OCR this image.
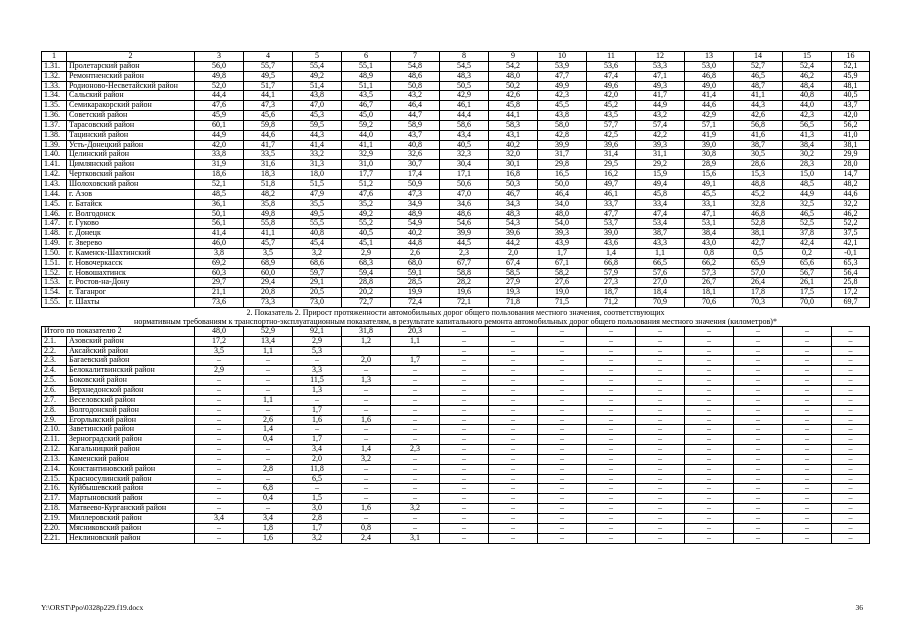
1	2	3	4	5	6	7	8	9	10	11	12	13	14	15	16
1.31.	Пролетарский район	56,0	55,7	55,4	55,1	54,8	54,5	54,2	53,9	53,6	53,3	53,0	52,7	52,4	52,1
1.32.	Ремонтненский район	49,8	49,5	49,2	48,9	48,6	48,3	48,0	47,7	47,4	47,1	46,8	46,5	46,2	45,9
1.33.	Родионово-Несветайский район	52,0	51,7	51,4	51,1	50,8	50,5	50,2	49,9	49,6	49,3	49,0	48,7	48,4	48,1
1.34.	Сальский район	44,4	44,1	43,8	43,5	43,2	42,9	42,6	42,3	42,0	41,7	41,4	41,1	40,8	40,5
1.35.	Семикаракорский район	47,6	47,3	47,0	46,7	46,4	46,1	45,8	45,5	45,2	44,9	44,6	44,3	44,0	43,7
1.36.	Советский район	45,9	45,6	45,3	45,0	44,7	44,4	44,1	43,8	43,5	43,2	42,9	42,6	42,3	42,0
1.37.	Тарасовский район	60,1	59,8	59,5	59,2	58,9	58,6	58,3	58,0	57,7	57,4	57,1	56,8	56,5	56,2
1.38.	Тацинский район	44,9	44,6	44,3	44,0	43,7	43,4	43,1	42,8	42,5	42,2	41,9	41,6	41,3	41,0
1.39.	Усть-Донецкий район	42,0	41,7	41,4	41,1	40,8	40,5	40,2	39,9	39,6	39,3	39,0	38,7	38,4	38,1
1.40.	Целинский район	33,8	33,5	33,2	32,9	32,6	32,3	32,0	31,7	31,4	31,1	30,8	30,5	30,2	29,9
1.41.	Цимлянский район	31,9	31,6	31,3	31,0	30,7	30,4	30,1	29,8	29,5	29,2	28,9	28,6	28,3	28,0
1.42.	Чертковский район	18,6	18,3	18,0	17,7	17,4	17,1	16,8	16,5	16,2	15,9	15,6	15,3	15,0	14,7
1.43.	Шолоховский район	52,1	51,8	51,5	51,2	50,9	50,6	50,3	50,0	49,7	49,4	49,1	48,8	48,5	48,2
1.44.	г. Азов	48,5	48,2	47,9	47,6	47,3	47,0	46,7	46,4	46,1	45,8	45,5	45,2	44,9	44,6
1.45.	г. Батайск	36,1	35,8	35,5	35,2	34,9	34,6	34,3	34,0	33,7	33,4	33,1	32,8	32,5	32,2
1.46.	г. Волгодонск	50,1	49,8	49,5	49,2	48,9	48,6	48,3	48,0	47,7	47,4	47,1	46,8	46,5	46,2
1.47.	г. Гуково	56,1	55,8	55,5	55,2	54,9	54,6	54,3	54,0	53,7	53,4	53,1	52,8	52,5	52,2
1.48.	г. Донецк	41,4	41,1	40,8	40,5	40,2	39,9	39,6	39,3	39,0	38,7	38,4	38,1	37,8	37,5
1.49.	г. Зверево	46,0	45,7	45,4	45,1	44,8	44,5	44,2	43,9	43,6	43,3	43,0	42,7	42,4	42,1
1.50.	г. Каменск-Шахтинский	3,8	3,5	3,2	2,9	2,6	2,3	2,0	1,7	1,4	1,1	0,8	0,5	0,2	-0,1
1.51.	г. Новочеркасск	69,2	68,9	68,6	68,3	68,0	67,7	67,4	67,1	66,8	66,5	66,2	65,9	65,6	65,3
1.52.	г. Новошахтинск	60,3	60,0	59,7	59,4	59,1	58,8	58,5	58,2	57,9	57,6	57,3	57,0	56,7	56,4
1.53.	г. Ростов-на-Дону	29,7	29,4	29,1	28,8	28,5	28,2	27,9	27,6	27,3	27,0	26,7	26,4	26,1	25,8
1.54.	г. Таганрог	21,1	20,8	20,5	20,2	19,9	19,6	19,3	19,0	18,7	18,4	18,1	17,8	17,5	17,2
1.55.	г. Шахты	73,6	73,3	73,0	72,7	72,4	72,1	71,8	71,5	71,2	70,9	70,6	70,3	70,0	69,7

2. Показатель 2. Прирост протяженности автомобильных дорог общего пользования местного значения, соответствующих
нормативным требованиям к транспортно-эксплуатационным показателям, в результате капитального ремонта автомобильных дорог общего пользования местного значения (километров)*															

Итого по показателю 2		48,0	52,9	92,1	31,8	20,3	–	–	–	–	–	–	–	–	–
2.1.	Азовский район	17,2	13,4	2,9	1,2	1,1	–	–	–	–	–	–	–	–	–
2.2.	Аксайский район	3,5	1,1	5,3			–	–	–	–	–	–	–	–	–
2.3.	Багаевский район	–	–	–	2,0	1,7	–	–	–	–	–	–	–	–	–
2.4.	Белокалитвинский район	2,9	–	3,3	–	–	–	–	–	–	–	–	–	–	–
2.5.	Боковский район	–	–	11,5	1,3	–	–	–	–	–	–	–	–	–	–
2.6.	Верхнедонской район	–	–	1,3	–	–	–	–	–	–	–	–	–	–	–
2.7.	Веселовский район	–	1,1	–	–	–	–	–	–	–	–	–	–	–	–
2.8.	Волгодонской район	–	–	1,7	–	–	–	–	–	–	–	–	–	–	–
2.9.	Егорлыкский район	–	2,6	1,6	1,6	–	–	–	–	–	–	–	–	–	–
2.10.	Заветинский район	–	1,4	–	–	–	–	–	–	–	–	–	–	–	–
2.11.	Зерноградский район	–	0,4	1,7	–	–	–	–	–	–	–	–	–	–	–
2.12.	Кагальницкий район	–	–	3,4	1,4	2,3	–	–	–	–	–	–	–	–	–
2.13.	Каменский район	–	–	2,0	3,2	–	–	–	–	–	–	–	–	–	–
2.14.	Константиновский район	–	2,8	11,8	–	–	–	–	–	–	–	–	–	–	–
2.15.	Красносулинский район	–	–	6,5	–	–	–	–	–	–	–	–	–	–	–
2.16.	Куйбышевский район	–	6,8	–	–	–	–	–	–	–	–	–	–	–	–
2.17.	Мартыновский район	–	0,4	1,5	–	–	–	–	–	–	–	–	–	–	–
2.18.	Матвеево-Курганский район	–	–	3,0	1,6	3,2	–	–	–	–	–	–	–	–	–
2.19.	Миллеровский район	3,4	3,4	2,8	–	–	–	–	–	–	–	–	–	–	–
2.20.	Мясниковский район	–	1,8	1,7	0,8	–	–	–	–	–	–	–	–	–	–
2.21.	Неклиновский район	–	1,6	3,2	2,4	3,1	–	–	–	–	–	–	–	–	–
Y:\ORST\Ppo\0328p229.f19.docx	36
